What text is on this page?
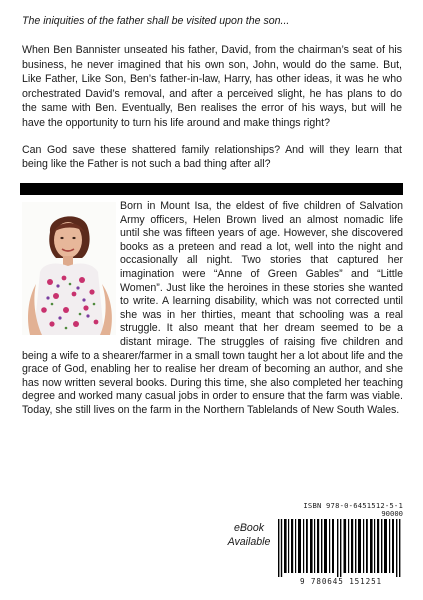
The iniquities of the father shall be visited upon the son...

When Ben Bannister unseated his father, David, from the chairman’s seat of his business, he never imagined that his own son, John, would do the same. But, Like Father, Like Son, Ben’s father-in-law, Harry, has other ideas, it was he who orchestrated David’s removal, and after a perceived slight, he has plans to do the same with Ben. Eventually, Ben realises the error of his ways, but will he have the opportunity to turn his life around and make things right?

Can God save these shattered family relationships? And will they learn that being like the Father is not such a bad thing after all?

Born in Mount Isa, the eldest of five children of Salvation Army officers, Helen Brown lived an almost nomadic life until she was fifteen years of age. However, she discovered books as a preteen and read a lot, well into the night and occasionally all night. Two stories that captured her imagination were “Anne of Green Gables” and “Little Women”. Just like the heroines in these stories she wanted to write. A learning disability, which was not corrected until she was in her thirties, meant that schooling was a real struggle. It also meant that her dream seemed to be a distant mirage. The struggles of raising five children and being a wife to a shearer/farmer in a small town taught her a lot about life and the grace of God, enabling her to realise her dream of becoming an author, and she has now written several books. During this time, she also completed her teaching degree and worked many casual jobs in order to ensure that the farm was viable. Today, she still lives on the farm in the Northern Tablelands of New South Wales.

ISBN 978-0-6451512-5-1
90000
9 780645 151251
eBook
Available
